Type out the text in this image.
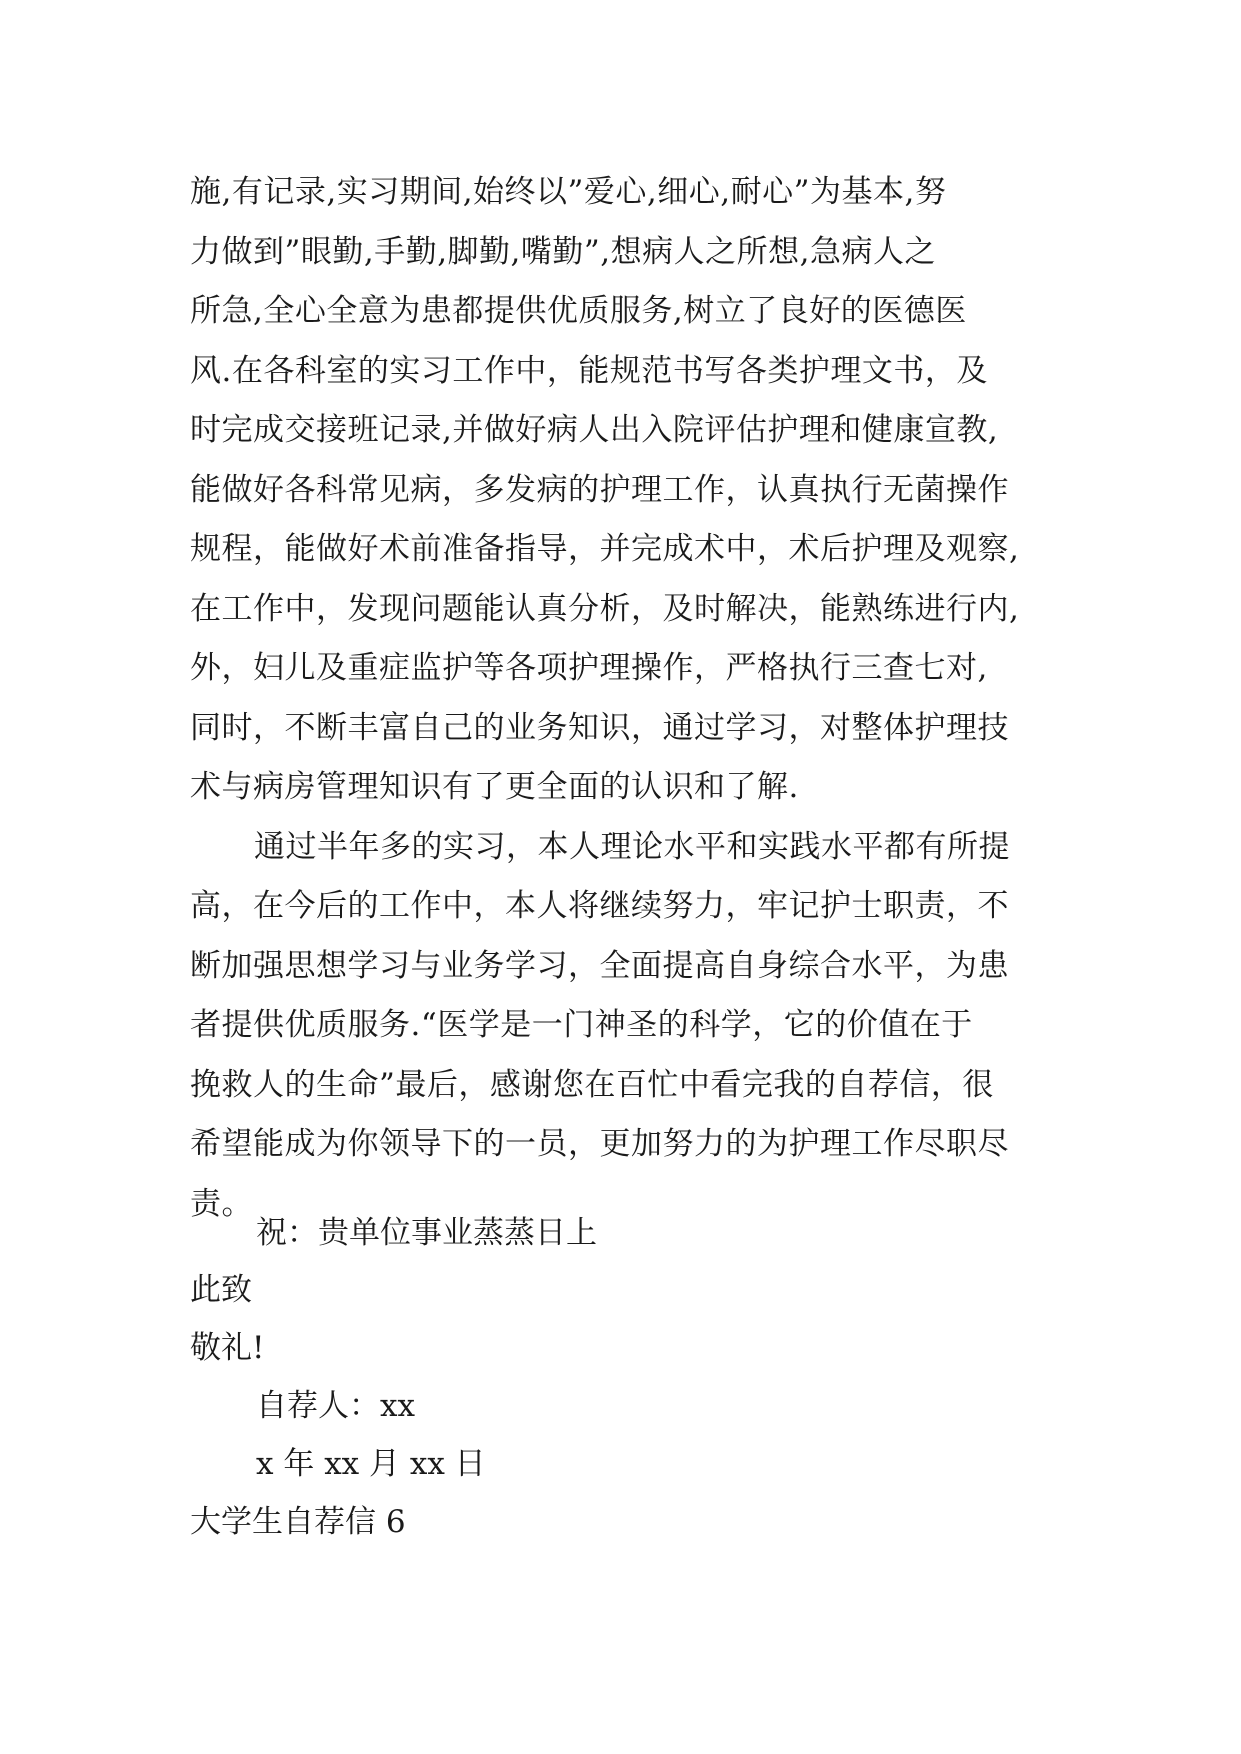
施,有记录,实习期间,始终以”爱心,细心,耐心”为基本,努
力做到”眼勤,手勤,脚勤,嘴勤”,想病人之所想,急病人之
所急,全心全意为患都提供优质服务,树立了良好的医德医
风.在各科室的实习工作中，能规范书写各类护理文书，及
时完成交接班记录,并做好病人出入院评估护理和健康宣教,
能做好各科常见病，多发病的护理工作，认真执行无菌操作
规程，能做好术前准备指导，并完成术中，术后护理及观察,
在工作中，发现问题能认真分析，及时解决，能熟练进行内,
外，妇儿及重症监护等各项护理操作，严格执行三查七对,
同时，不断丰富自己的业务知识，通过学习，对整体护理技
术与病房管理知识有了更全面的认识和了解.
通过半年多的实习，本人理论水平和实践水平都有所提
高，在今后的工作中，本人将继续努力，牢记护士职责，不
断加强思想学习与业务学习，全面提高自身综合水平，为患
者提供优质服务.“医学是一门神圣的科学，它的价值在于
挽救人的生命”最后，感谢您在百忙中看完我的自荐信，很
希望能成为你领导下的一员，更加努力的为护理工作尽职尽
责。
祝：贵单位事业蒸蒸日上
此致
敬礼!
自荐人：xx
x 年 xx 月 xx 日
大学生自荐信 6
